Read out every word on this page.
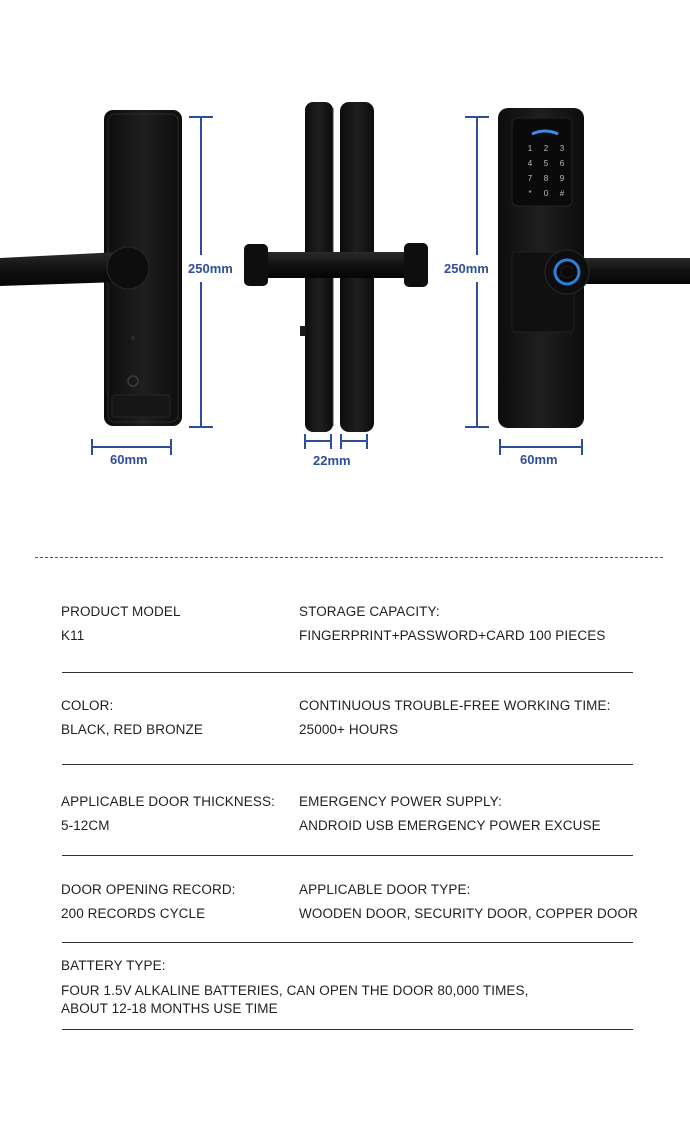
250mm
60mm	22mm
1 2 3
4 5 6
7 8 9
* 0 #
250mm
60mm
PRODUCT MODEL
K11
STORAGE CAPACITY:
FINGERPRINT+PASSWORD+CARD 100 PIECES
COLOR:
BLACK, RED BRONZE
CONTINUOUS TROUBLE-FREE WORKING TIME:
25000+ HOURS
APPLICABLE DOOR THICKNESS:
5-12CM
EMERGENCY POWER SUPPLY:
ANDROID USB EMERGENCY POWER EXCUSE
DOOR OPENING RECORD:
200 RECORDS CYCLE
APPLICABLE DOOR TYPE:
WOODEN DOOR, SECURITY DOOR, COPPER DOOR
BATTERY TYPE:
FOUR 1.5V ALKALINE BATTERIES, CAN OPEN THE DOOR 80,000 TIMES,
ABOUT 12-18 MONTHS USE TIME
